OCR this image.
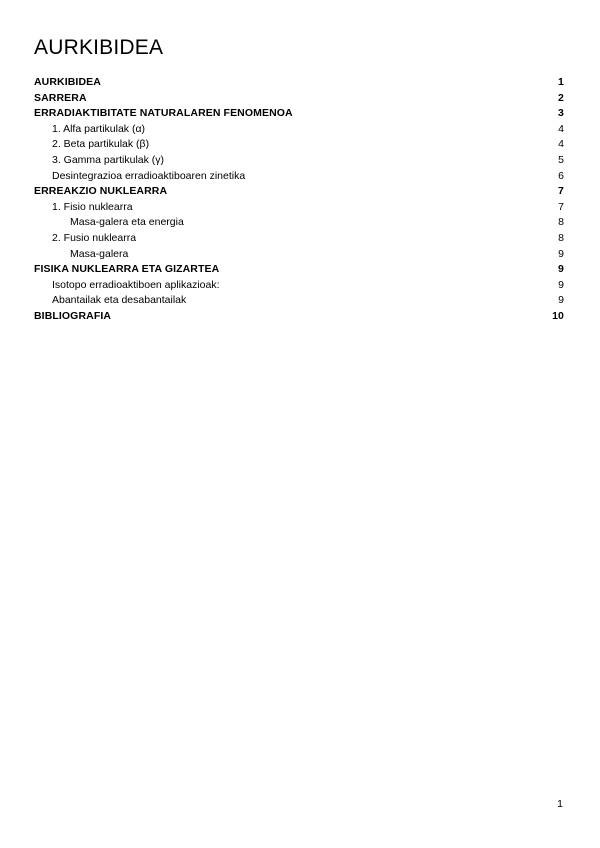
AURKIBIDEA
AURKIBIDEA	1
SARRERA	2
ERRADIAKTIBITATE NATURALAREN FENOMENOA	3
1. Alfa partikulak (α)	4
2. Beta partikulak (β)	4
3. Gamma partikulak (γ)	5
Desintegrazioa erradioaktiboaren zinetika	6
ERREAKZIO NUKLEARRA	7
1. Fisio nuklearra	7
Masa-galera eta energia	8
2. Fusio nuklearra	8
Masa-galera	9
FISIKA NUKLEARRA ETA GIZARTEA	9
Isotopo erradioaktiboen aplikazioak:	9
Abantailak eta desabantailak	9
BIBLIOGRAFIA	10
1
